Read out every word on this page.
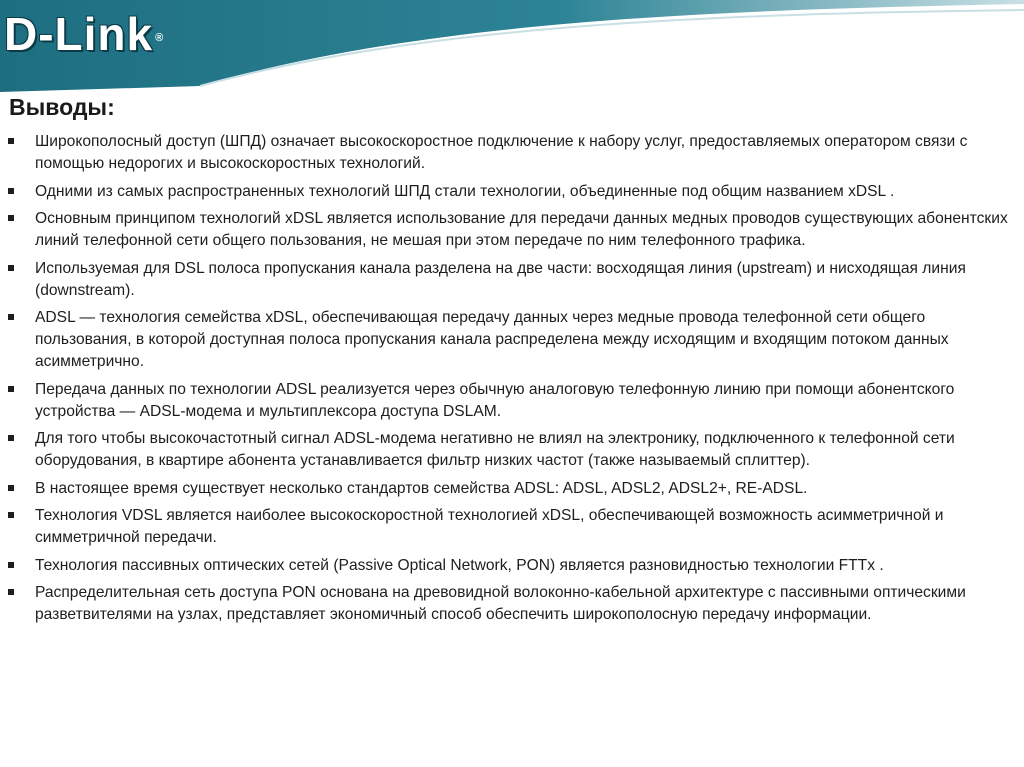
D-Link ®
Выводы:
Широкополосный доступ (ШПД) означает высокоскоростное подключение к набору услуг, предоставляемых оператором связи с помощью недорогих и высокоскоростных технологий.
Одними из самых распространенных технологий ШПД стали технологии, объединенные под общим названием xDSL .
Основным принципом технологий xDSL является использование для передачи данных медных проводов существующих абонентских линий телефонной сети общего пользования, не мешая при этом передаче по ним телефонного трафика.
Используемая для DSL полоса пропускания канала разделена на две части: восходящая линия (upstream) и нисходящая линия (downstream).
ADSL — технология семейства xDSL, обеспечивающая передачу данных через медные провода телефонной сети общего пользования, в которой доступная полоса пропускания канала распределена между исходящим и входящим потоком данных асимметрично.
Передача данных по технологии ADSL реализуется через обычную аналоговую телефонную линию при помощи абонентского устройства — ADSL-модема и мультиплексора доступа DSLAM.
Для того чтобы высокочастотный сигнал ADSL-модема негативно не влиял на электронику, подключенного к телефонной сети оборудования, в квартире абонента устанавливается фильтр низких частот (также называемый сплиттер).
В настоящее время существует несколько стандартов семейства ADSL: ADSL, ADSL2, ADSL2+, RE-ADSL.
Технология VDSL является наиболее высокоскоростной технологией xDSL, обеспечивающей возможность асимметричной и симметричной передачи.
Технология пассивных оптических сетей (Passive Optical Network, PON) является разновидностью технологии FTTx .
Распределительная сеть доступа PON основана на древовидной волоконно-кабельной архитектуре с пассивными оптическими разветвителями на узлах, представляет экономичный способ обеспечить широкополосную передачу информации.
